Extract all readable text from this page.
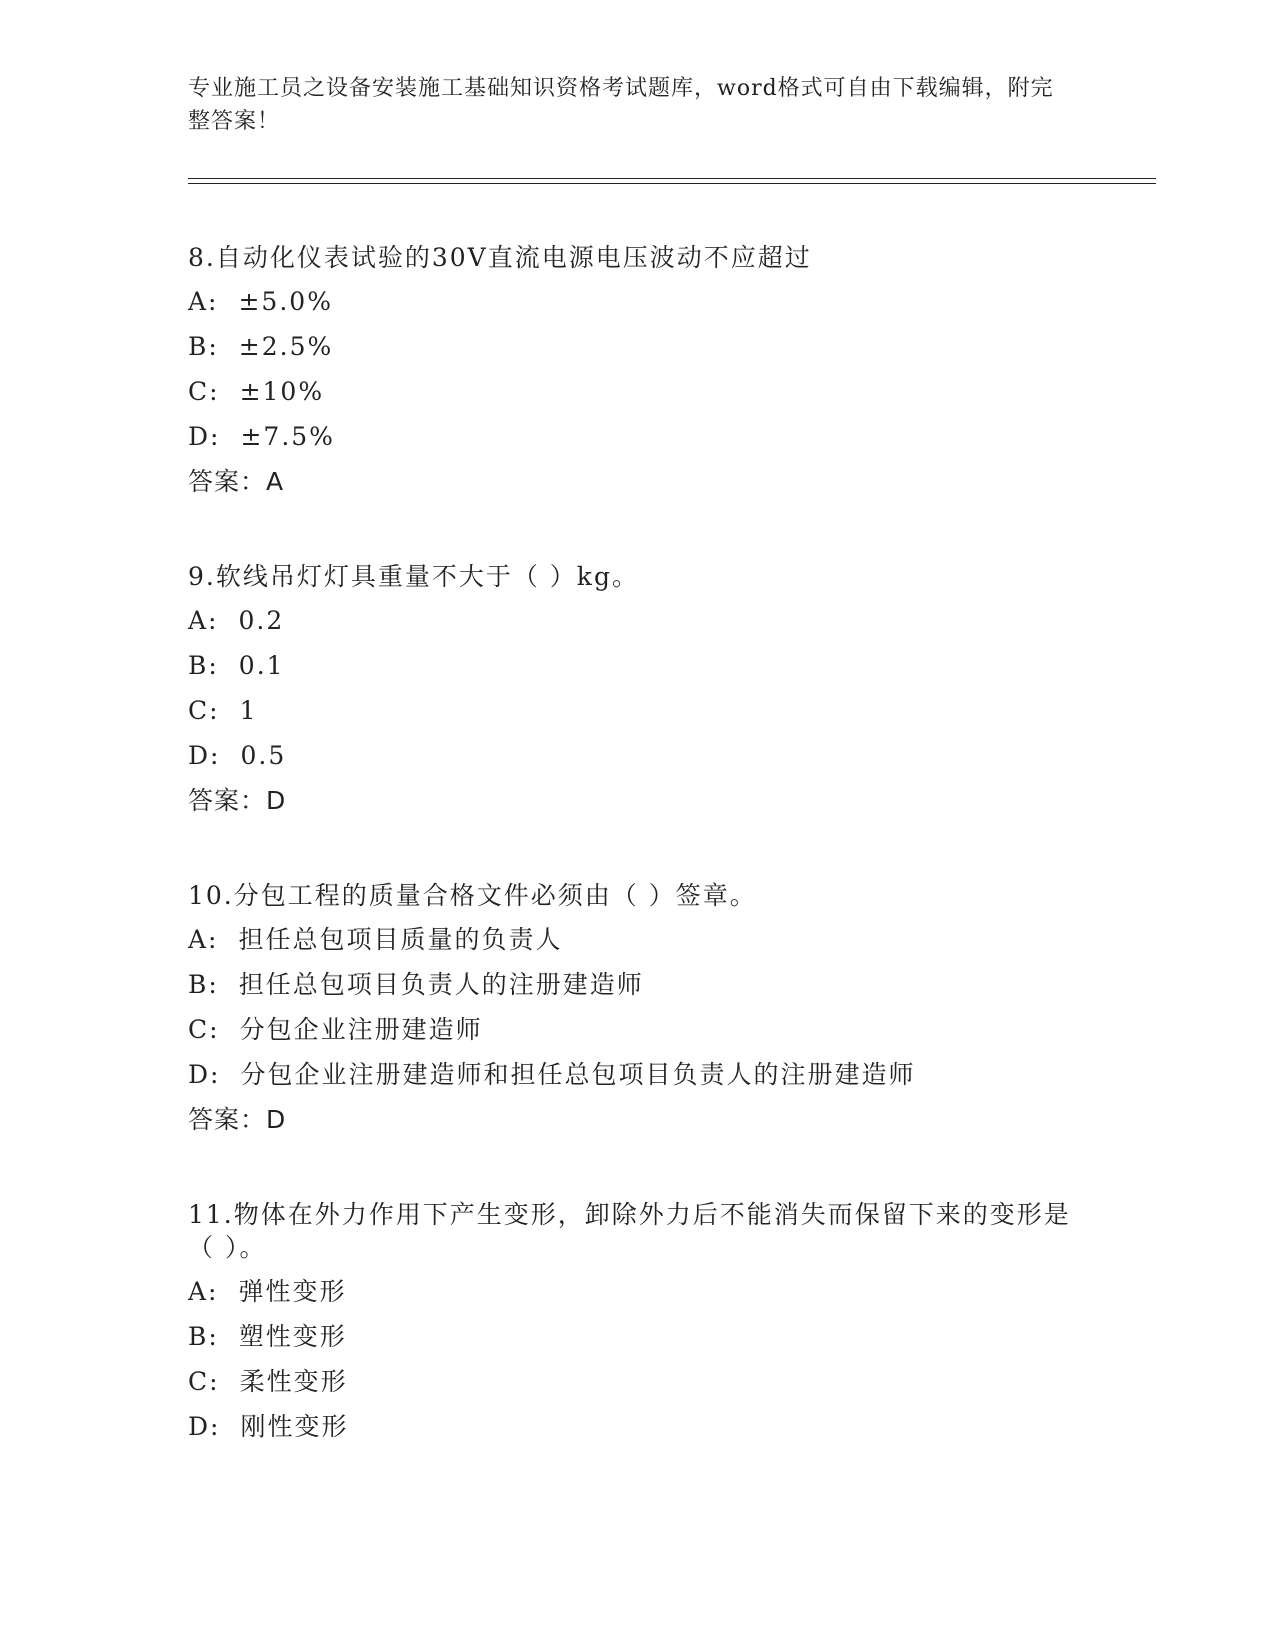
专业施工员之设备安装施工基础知识资格考试题库，word格式可自由下载编辑，附完整答案！
8.自动化仪表试验的30V直流电源电压波动不应超过
A: ±5.0%
B: ±2.5%
C: ±10%
D: ±7.5%
答案：A
9.软线吊灯灯具重量不大于（ ）kg。
A: 0.2
B: 0.1
C: 1
D: 0.5
答案：D
10.分包工程的质量合格文件必须由（ ）签章。
A: 担任总包项目质量的负责人
B: 担任总包项目负责人的注册建造师
C: 分包企业注册建造师
D: 分包企业注册建造师和担任总包项目负责人的注册建造师
答案：D
11.物体在外力作用下产生变形，卸除外力后不能消失而保留下来的变形是（ ）。
A: 弹性变形
B: 塑性变形
C: 柔性变形
D: 刚性变形
